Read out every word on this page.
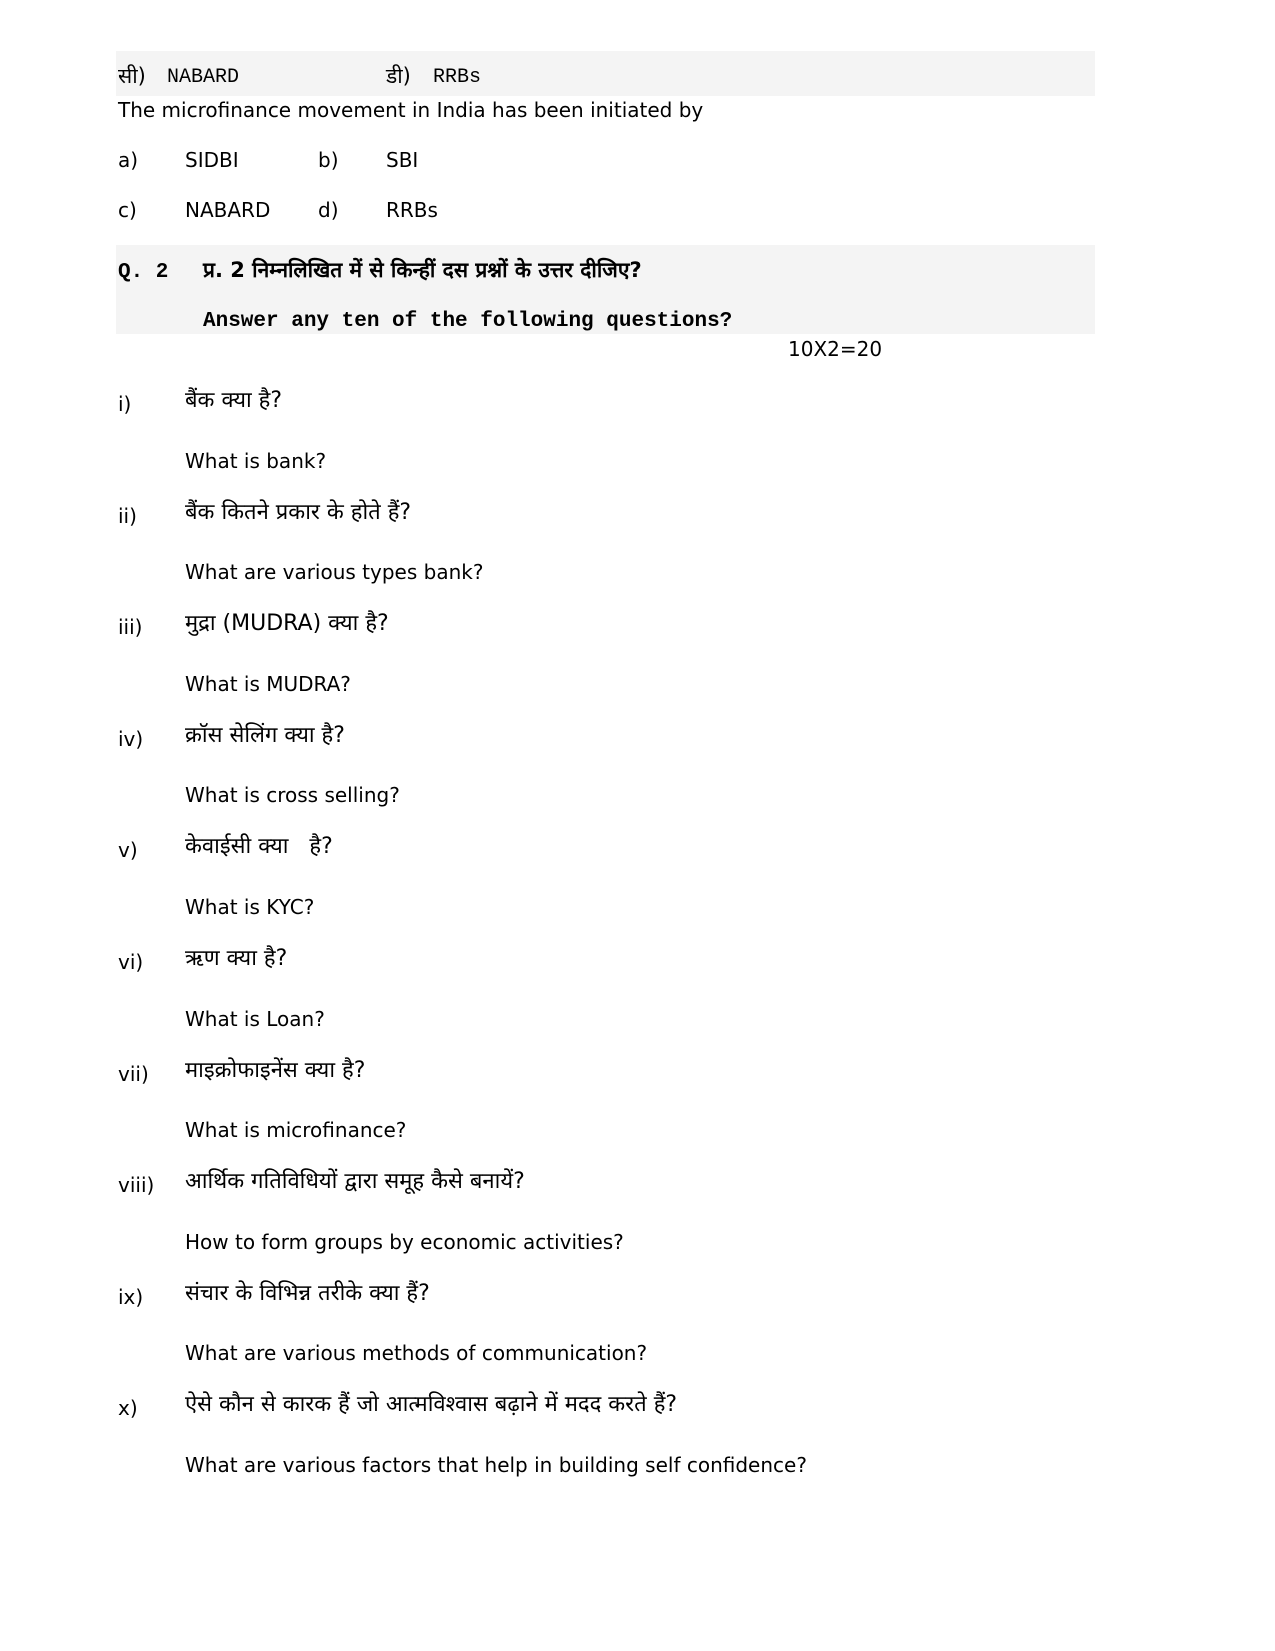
सी) NABARD	डी) RRBs
The microfinance movement in India has been initiated by
a) SIDBI	b) SBI
c) NABARD d) RRBs
Q. 2 प्र. 2 निम्नलिखित में से किन्हीं दस प्रश्नों के उत्तर दीजिए?
Answer any ten of the following questions?
10X2=20
i) बैंक क्या है?
What is bank?
ii) बैंक कितने प्रकार के होते हैं?
What are various types bank?
iii) मुद्रा (MUDRA) क्या है?
What is MUDRA?
iv) क्रॉस सेलिंग क्या है?
What is cross selling?
v) केवाईसी क्या   है?
What is KYC?
vi) ऋण क्या है?
What is Loan?
vii) माइक्रोफाइनेंस क्या है?
What is microfinance?
viii) आर्थिक गतिविधियों द्वारा समूह कैसे बनायें?
How to form groups by economic activities?
ix) संचार के विभिन्न तरीके क्या हैं?
What are various methods of communication?
x) ऐसे कौन से कारक हैं जो आत्मविश्वास बढ़ाने में मदद करते हैं?
What are various factors that help in building self confidence?
